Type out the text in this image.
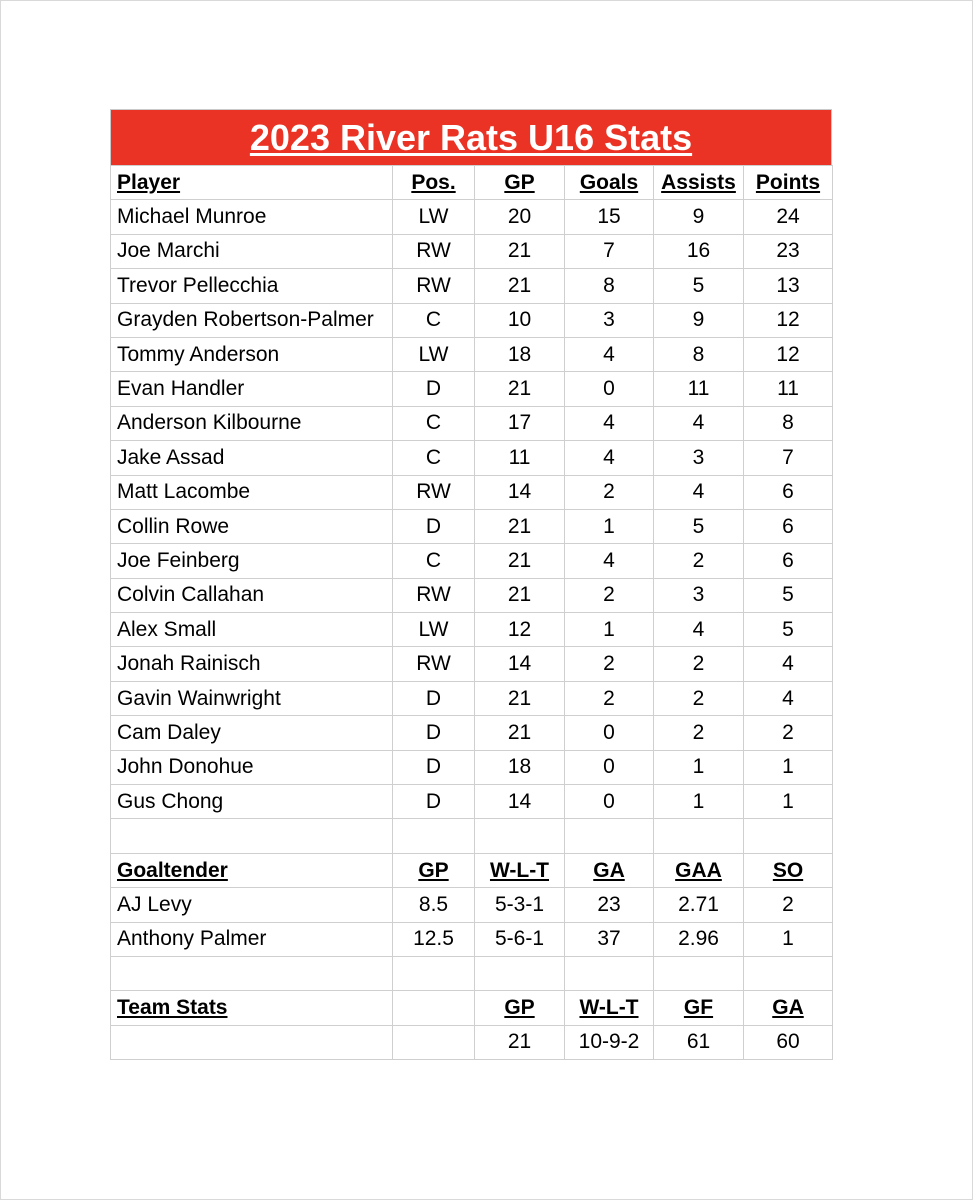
2023 River Rats U16 Stats
Player	Pos.	GP	Goals	Assists	Points
Michael Munroe	LW	20	15	9	24
Joe Marchi	RW	21	7	16	23
Trevor Pellecchia	RW	21	8	5	13
Grayden Robertson-Palmer	C	10	3	9	12
Tommy Anderson	LW	18	4	8	12
Evan Handler	D	21	0	11	11
Anderson Kilbourne	C	17	4	4	8
Jake Assad	C	11	4	3	7
Matt Lacombe	RW	14	2	4	6
Collin Rowe	D	21	1	5	6
Joe Feinberg	C	21	4	2	6
Colvin Callahan	RW	21	2	3	5
Alex Small	LW	12	1	4	5
Jonah Rainisch	RW	14	2	2	4
Gavin Wainwright	D	21	2	2	4
Cam Daley	D	21	0	2	2
John Donohue	D	18	0	1	1
Gus Chong	D	14	0	1	1

Goaltender	GP	W-L-T	GA	GAA	SO
AJ Levy	8.5	5-3-1	23	2.71	2
Anthony Palmer	12.5	5-6-1	37	2.96	1

Team Stats		GP	W-L-T	GF	GA
		21	10-9-2	61	60
